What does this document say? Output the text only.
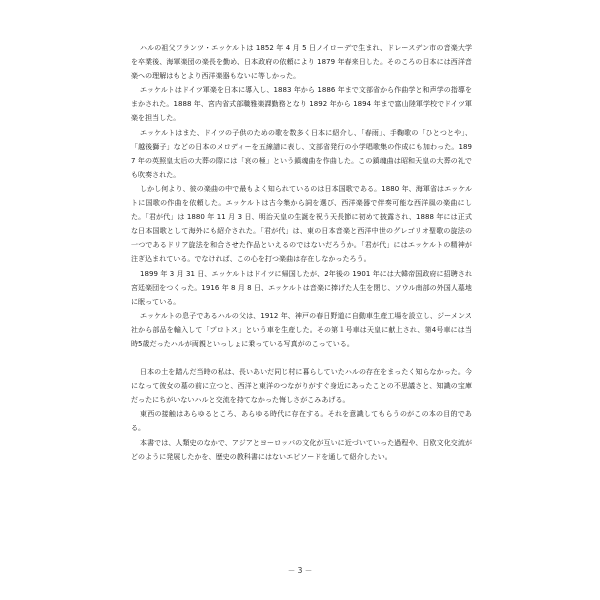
ハルの祖父フランツ・エッケルトは 1852 年 4 月 5 日ノイローデで生まれ、ドレースデン市の音楽大学を卒業後、海軍楽団の楽長を勤め、日本政府の依頼により 1879 年春来日した。そのころの日本には西洋音楽への理解はもとより西洋楽器もないに等しかった。

エッケルトはドイツ軍楽を日本に導入し、1883 年から 1886 年まで文部省から作曲学と和声学の指導をまかされた。1888 年、宮内省式部職雅楽課勤務となり 1892 年から 1894 年まで富山陸軍学校でドイツ軍楽を担当した。

エッケルトはまた、ドイツの子供のための歌を数多く日本に紹介し、「春雨」、手鞠歌の「ひとつとや」、「越後獅子」などの日本のメロディーを五線譜に表し、文部省発行の小学唱歌集の作成にも加わった。1897 年の英照皇太后の大葬の際には「哀の極」という鎮魂曲を作曲した。この鎮魂曲は昭和天皇の大葬の礼でも吹奏された。

しかし何より、彼の楽曲の中で最もよく知られているのは日本国歌である。1880 年、海軍省はエッケルトに国歌の作曲を依頼した。エッケルトは古今集から詞を選び、西洋楽器で伴奏可能な西洋風の楽曲にした。「君が代」は 1880 年 11 月 3 日、明治天皇の生誕を祝う天長節に初めて披露され、1888 年には正式な日本国歌として海外にも紹介された。「君が代」は、東の日本音楽と西洋中世のグレゴリオ聖歌の旋法の一つであるドリア旋法を和合させた作品といえるのではないだろうか。「君が代」にはエッケルトの精神が注ぎ込まれている。でなければ、この心を打つ楽曲は存在しなかったろう。

1899 年 3 月 31 日、エッケルトはドイツに帰国したが、2年後の 1901 年には大韓帝国政府に招聘され宮廷楽団をつくった。1916 年 8 月 8 日、エッケルトは音楽に捧げた人生を閉じ、ソウル南部の外国人墓地に眠っている。

エッケルトの息子であるハルの父は、1912 年、神戸の春日野道に自動車生産工場を設立し、ジーメンス社から部品を輸入して「プロトス」という車を生産した。その第１号車は天皇に献上され、第4号車には当時5歳だったハルが両親といっしょに乗っている写真がのこっている。

日本の土を踏んだ当時の私は、長いあいだ同じ村に暮らしていたハルの存在をまったく知らなかった。今になって彼女の墓の前に立つと、西洋と東洋のつながりがすぐ身近にあったことの不思議さと、知識の宝庫だったにちがいないハルと交流を持てなかった悔しさがこみあげる。

東西の接触はあらゆるところ、あらゆる時代に存在する。それを意識してもらうのがこの本の目的である。

本書では、人類史のなかで、アジアとヨーロッパの文化が互いに近づいていった過程や、日欧文化交流がどのように発展したかを、歴史の教科書にはないエピソードを通して紹介したい。

－ 3 －
